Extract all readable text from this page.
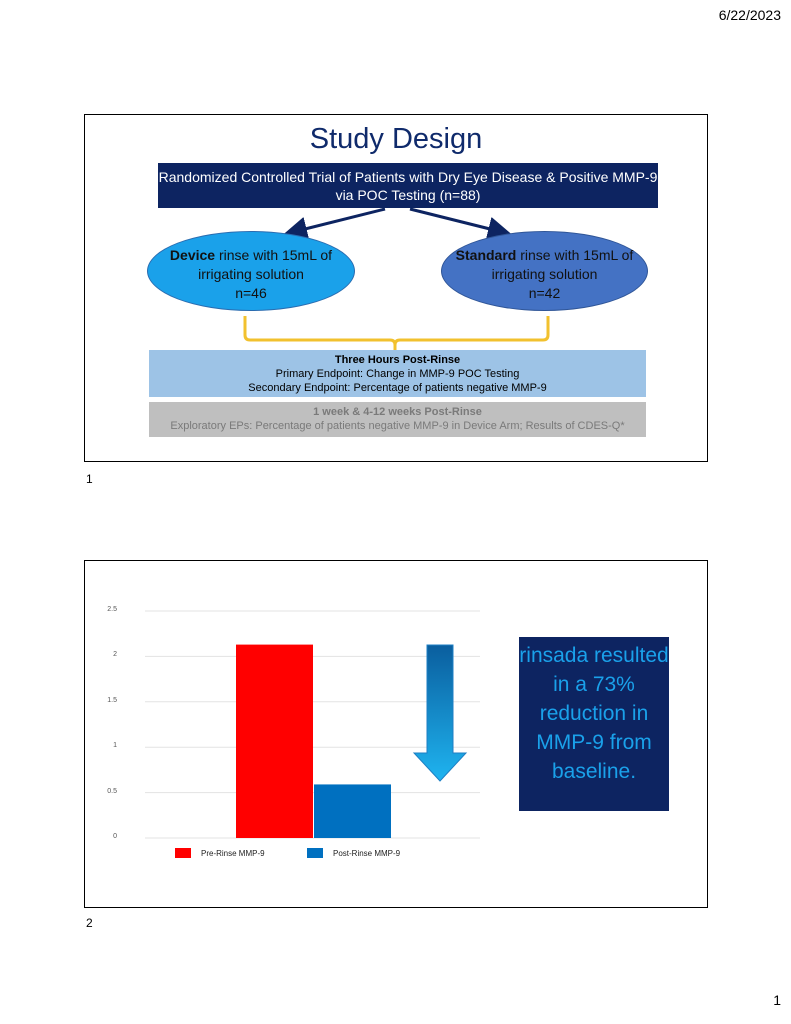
6/22/2023
Study Design
Randomized Controlled Trial of Patients with Dry Eye Disease & Positive MMP-9 via POC Testing (n=88)
Device rinse with 15mL of irrigating solution
n=46
Standard rinse with 15mL of irrigating solution
n=42
Three Hours Post-Rinse
Primary Endpoint: Change in MMP-9 POC Testing
Secondary Endpoint: Percentage of patients negative MMP-9
1 week & 4-12 weeks Post-Rinse
Exploratory EPs: Percentage of patients negative MMP-9 in Device Arm; Results of CDES-Q*
1
0
0.5
1
1.5
2
2.5
rinsada resulted in a 73% reduction in MMP-9 from baseline.
Pre-Rinse MMP-9	Post-Rinse MMP-9
2
1
